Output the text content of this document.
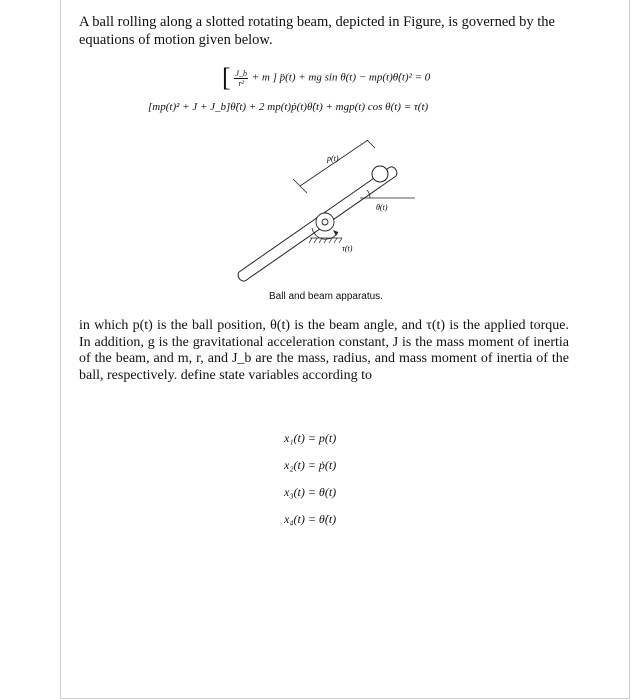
A ball rolling along a slotted rotating beam, depicted in Figure, is governed by the equations of motion given below.

[ $\frac{J\_b}{\text{r²}} + m$ ] p̈(t) + mg sin θ(t) − mp(t)θ̇(t)² = 0
[mp(t)² + J + J_b]θ̈(t) + 2 mp(t)ṗ(t)θ̇(t) + mgp(t) cos θ(t) = τ(t)
p(t)
θ(t)
τ(t)
Ball and beam apparatus.

in which p(t) is the ball position, θ(t) is the beam angle, and τ(t) is the applied torque. In addition, g is the gravitational acceleration constant, J is the mass moment of inertia of the beam, and m, r, and J_b are the mass, radius, and mass moment of inertia of the ball, respectively. define state variables according to

x₁(t) = p(t)
x₂(t) = ṗ(t)
x₃(t) = θ(t)
x₄(t) = θ̇(t)
